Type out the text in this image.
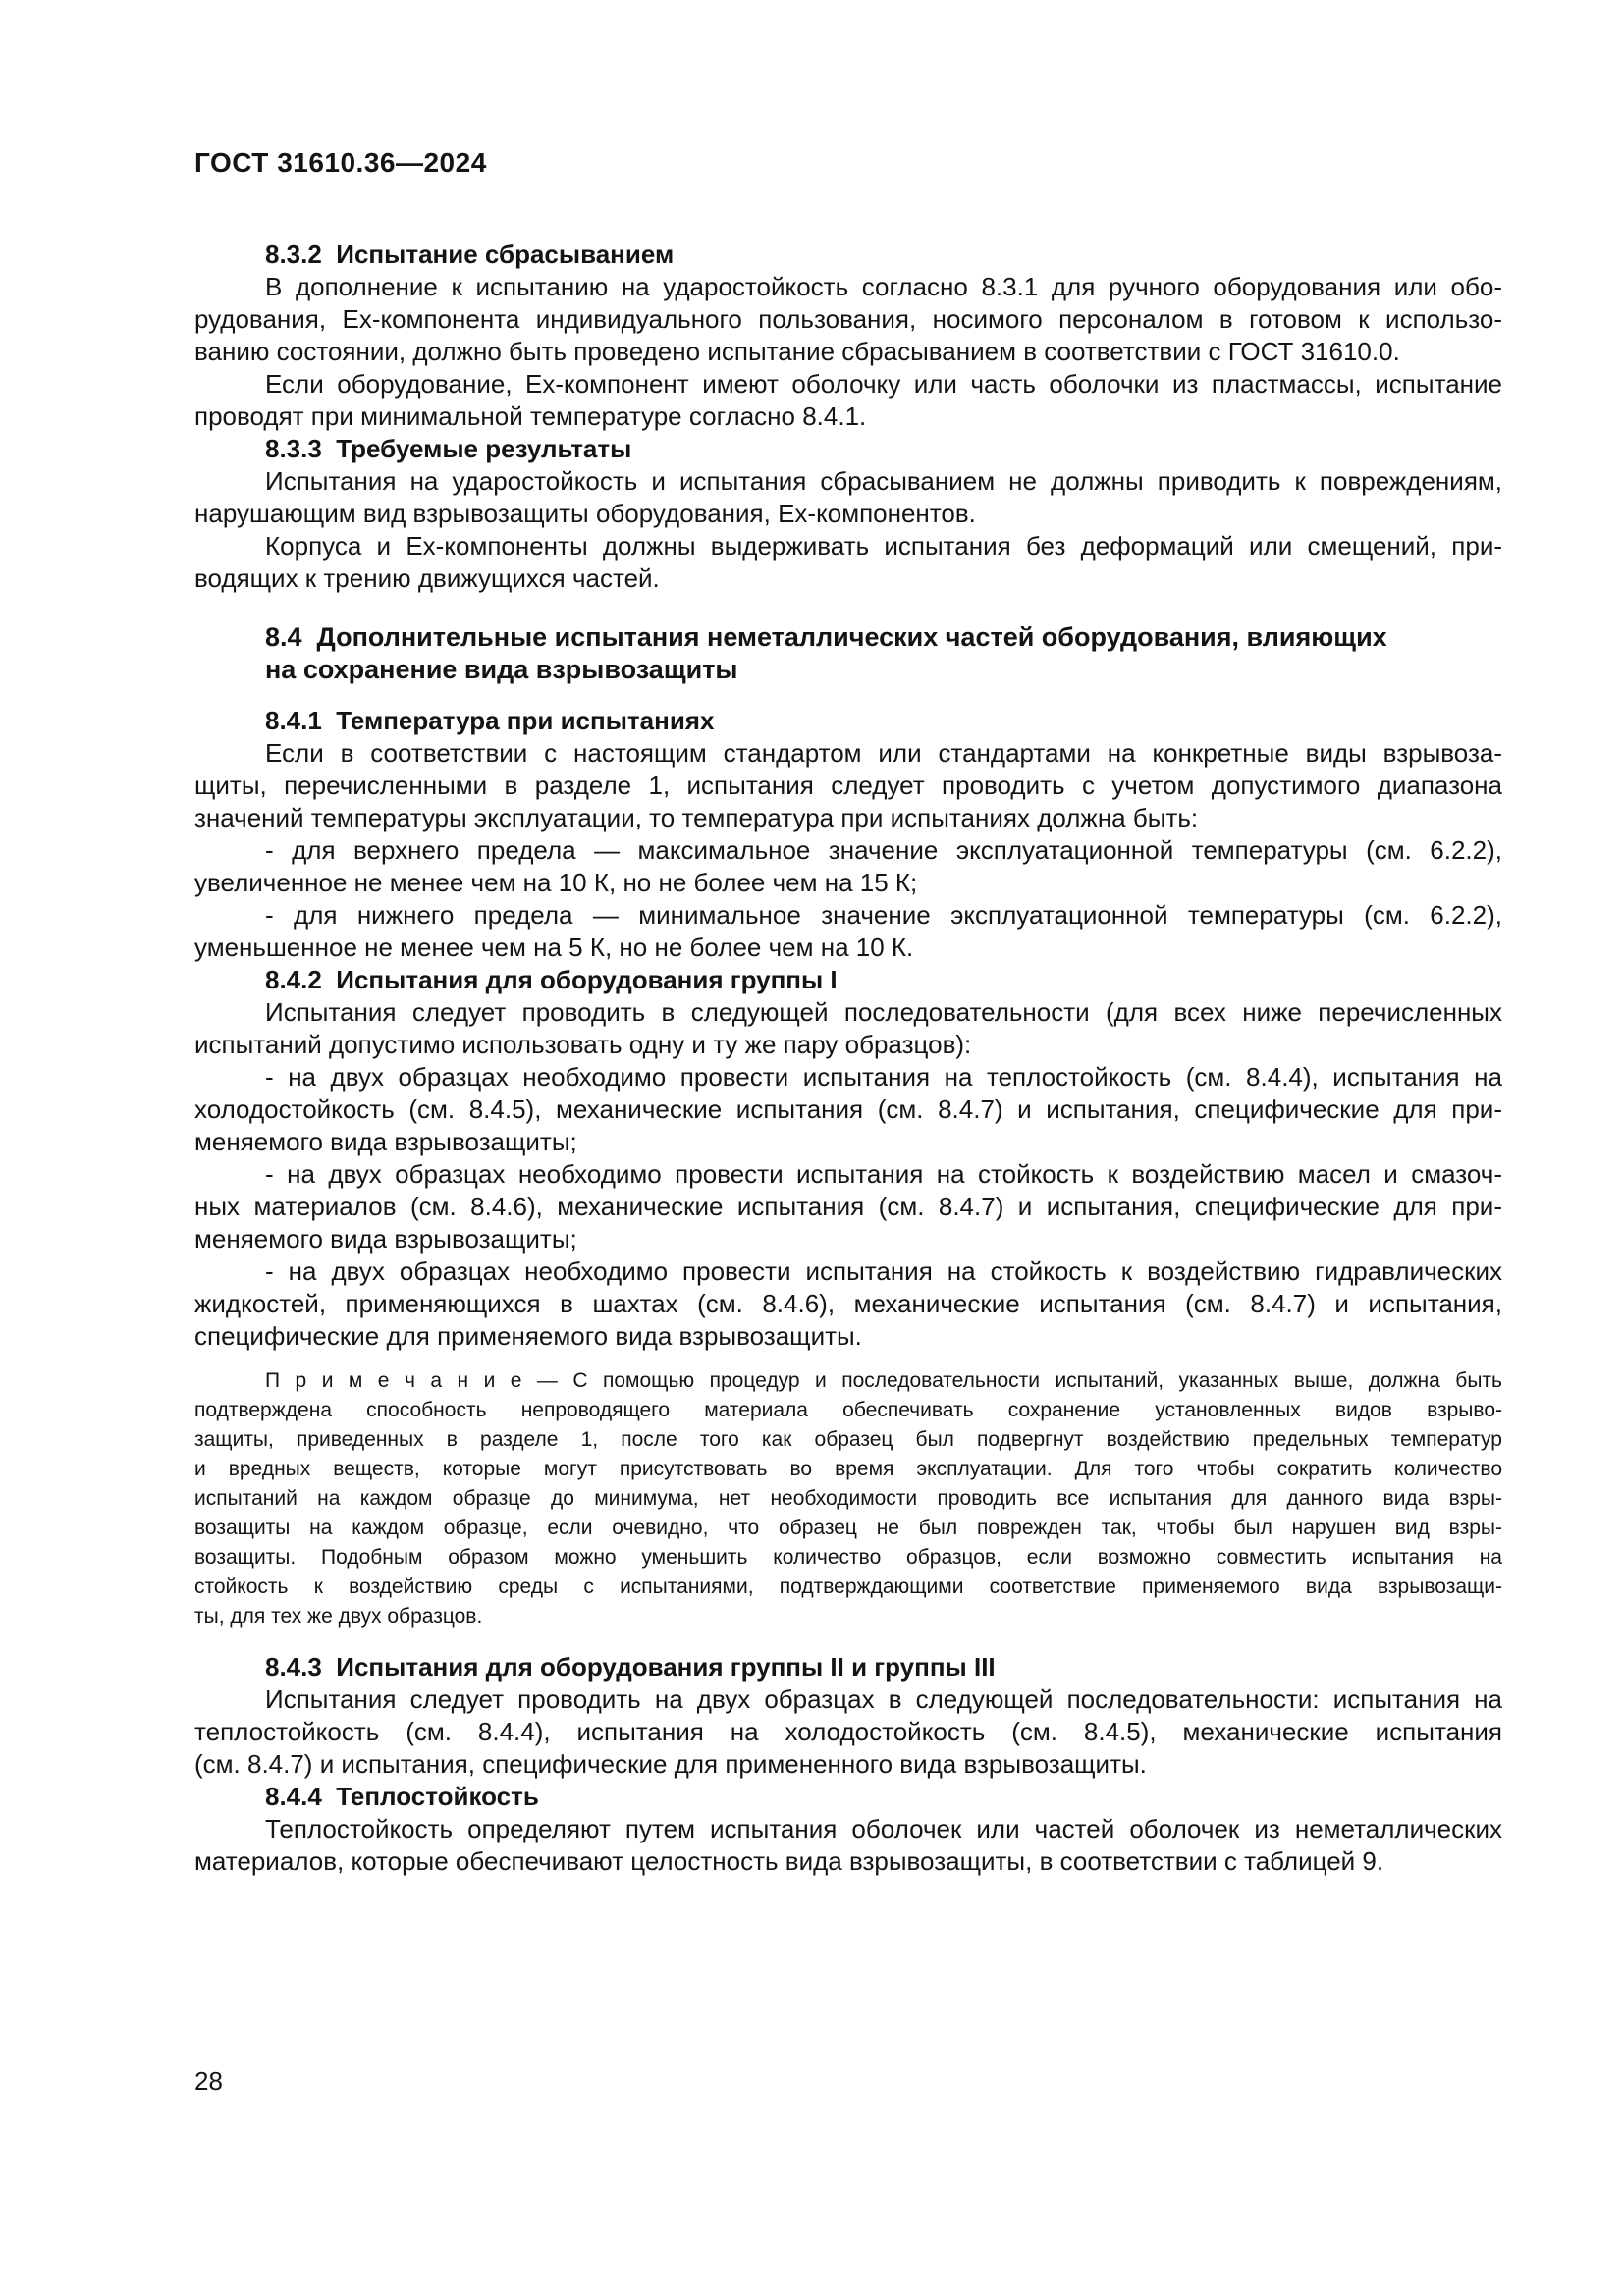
ГОСТ 31610.36—2024
8.3.2  Испытание сбрасыванием
В дополнение к испытанию на ударостойкость согласно 8.3.1 для ручного оборудования или обо-
рудования, Ex-компонента индивидуального пользования, носимого персоналом в готовом к использо-
ванию состоянии, должно быть проведено испытание сбрасыванием в соответствии с ГОСТ 31610.0.
Если оборудование, Ex-компонент имеют оболочку или часть оболочки из пластмассы, испытание
проводят при минимальной температуре согласно 8.4.1.
8.3.3  Требуемые результаты
Испытания на ударостойкость и испытания сбрасыванием не должны приводить к повреждениям,
нарушающим вид взрывозащиты оборудования, Ex-компонентов.
Корпуса и Ex-компоненты должны выдерживать испытания без деформаций или смещений, при-
водящих к трению движущихся частей.
8.4  Дополнительные испытания неметаллических частей оборудования, влияющих
на сохранение вида взрывозащиты
8.4.1  Температура при испытаниях
Если в соответствии с настоящим стандартом или стандартами на конкретные виды взрывоза-
щиты, перечисленными в разделе 1, испытания следует проводить с учетом допустимого диапазона
значений температуры эксплуатации, то температура при испытаниях должна быть:
- для верхнего предела — максимальное значение эксплуатационной температуры (см. 6.2.2),
увеличенное не менее чем на 10 К, но не более чем на 15 К;
- для нижнего предела — минимальное значение эксплуатационной температуры (см. 6.2.2),
уменьшенное не менее чем на 5 К, но не более чем на 10 К.
8.4.2  Испытания для оборудования группы I
Испытания следует проводить в следующей последовательности (для всех ниже перечисленных
испытаний допустимо использовать одну и ту же пару образцов):
- на двух образцах необходимо провести испытания на теплостойкость (см. 8.4.4), испытания на
холодостойкость (см. 8.4.5), механические испытания (см. 8.4.7) и испытания, специфические для при-
меняемого вида взрывозащиты;
- на двух образцах необходимо провести испытания на стойкость к воздействию масел и смазоч-
ных материалов (см. 8.4.6), механические испытания (см. 8.4.7) и испытания, специфические для при-
меняемого вида взрывозащиты;
- на двух образцах необходимо провести испытания на стойкость к воздействию гидравлических
жидкостей, применяющихся в шахтах (см. 8.4.6), механические испытания (см. 8.4.7) и испытания,
специфические для применяемого вида взрывозащиты.
П р и м е ч а н и е — С помощью процедур и последовательности испытаний, указанных выше, должна быть
подтверждена способность непроводящего материала обеспечивать сохранение установленных видов взрыво-
защиты, приведенных в разделе 1, после того как образец был подвергнут воздействию предельных температур
и вредных веществ, которые могут присутствовать во время эксплуатации. Для того чтобы сократить количество
испытаний на каждом образце до минимума, нет необходимости проводить все испытания для данного вида взры-
возащиты на каждом образце, если очевидно, что образец не был поврежден так, чтобы был нарушен вид взры-
возащиты. Подобным образом можно уменьшить количество образцов, если возможно совместить испытания на
стойкость к воздействию среды с испытаниями, подтверждающими соответствие применяемого вида взрывозащи-
ты, для тех же двух образцов.
8.4.3  Испытания для оборудования группы II и группы III
Испытания следует проводить на двух образцах в следующей последовательности: испытания на
теплостойкость (см. 8.4.4), испытания на холодостойкость (см. 8.4.5), механические испытания
(см. 8.4.7) и испытания, специфические для примененного вида взрывозащиты.
8.4.4  Теплостойкость
Теплостойкость определяют путем испытания оболочек или частей оболочек из неметаллических
материалов, которые обеспечивают целостность вида взрывозащиты, в соответствии с таблицей 9.
28
